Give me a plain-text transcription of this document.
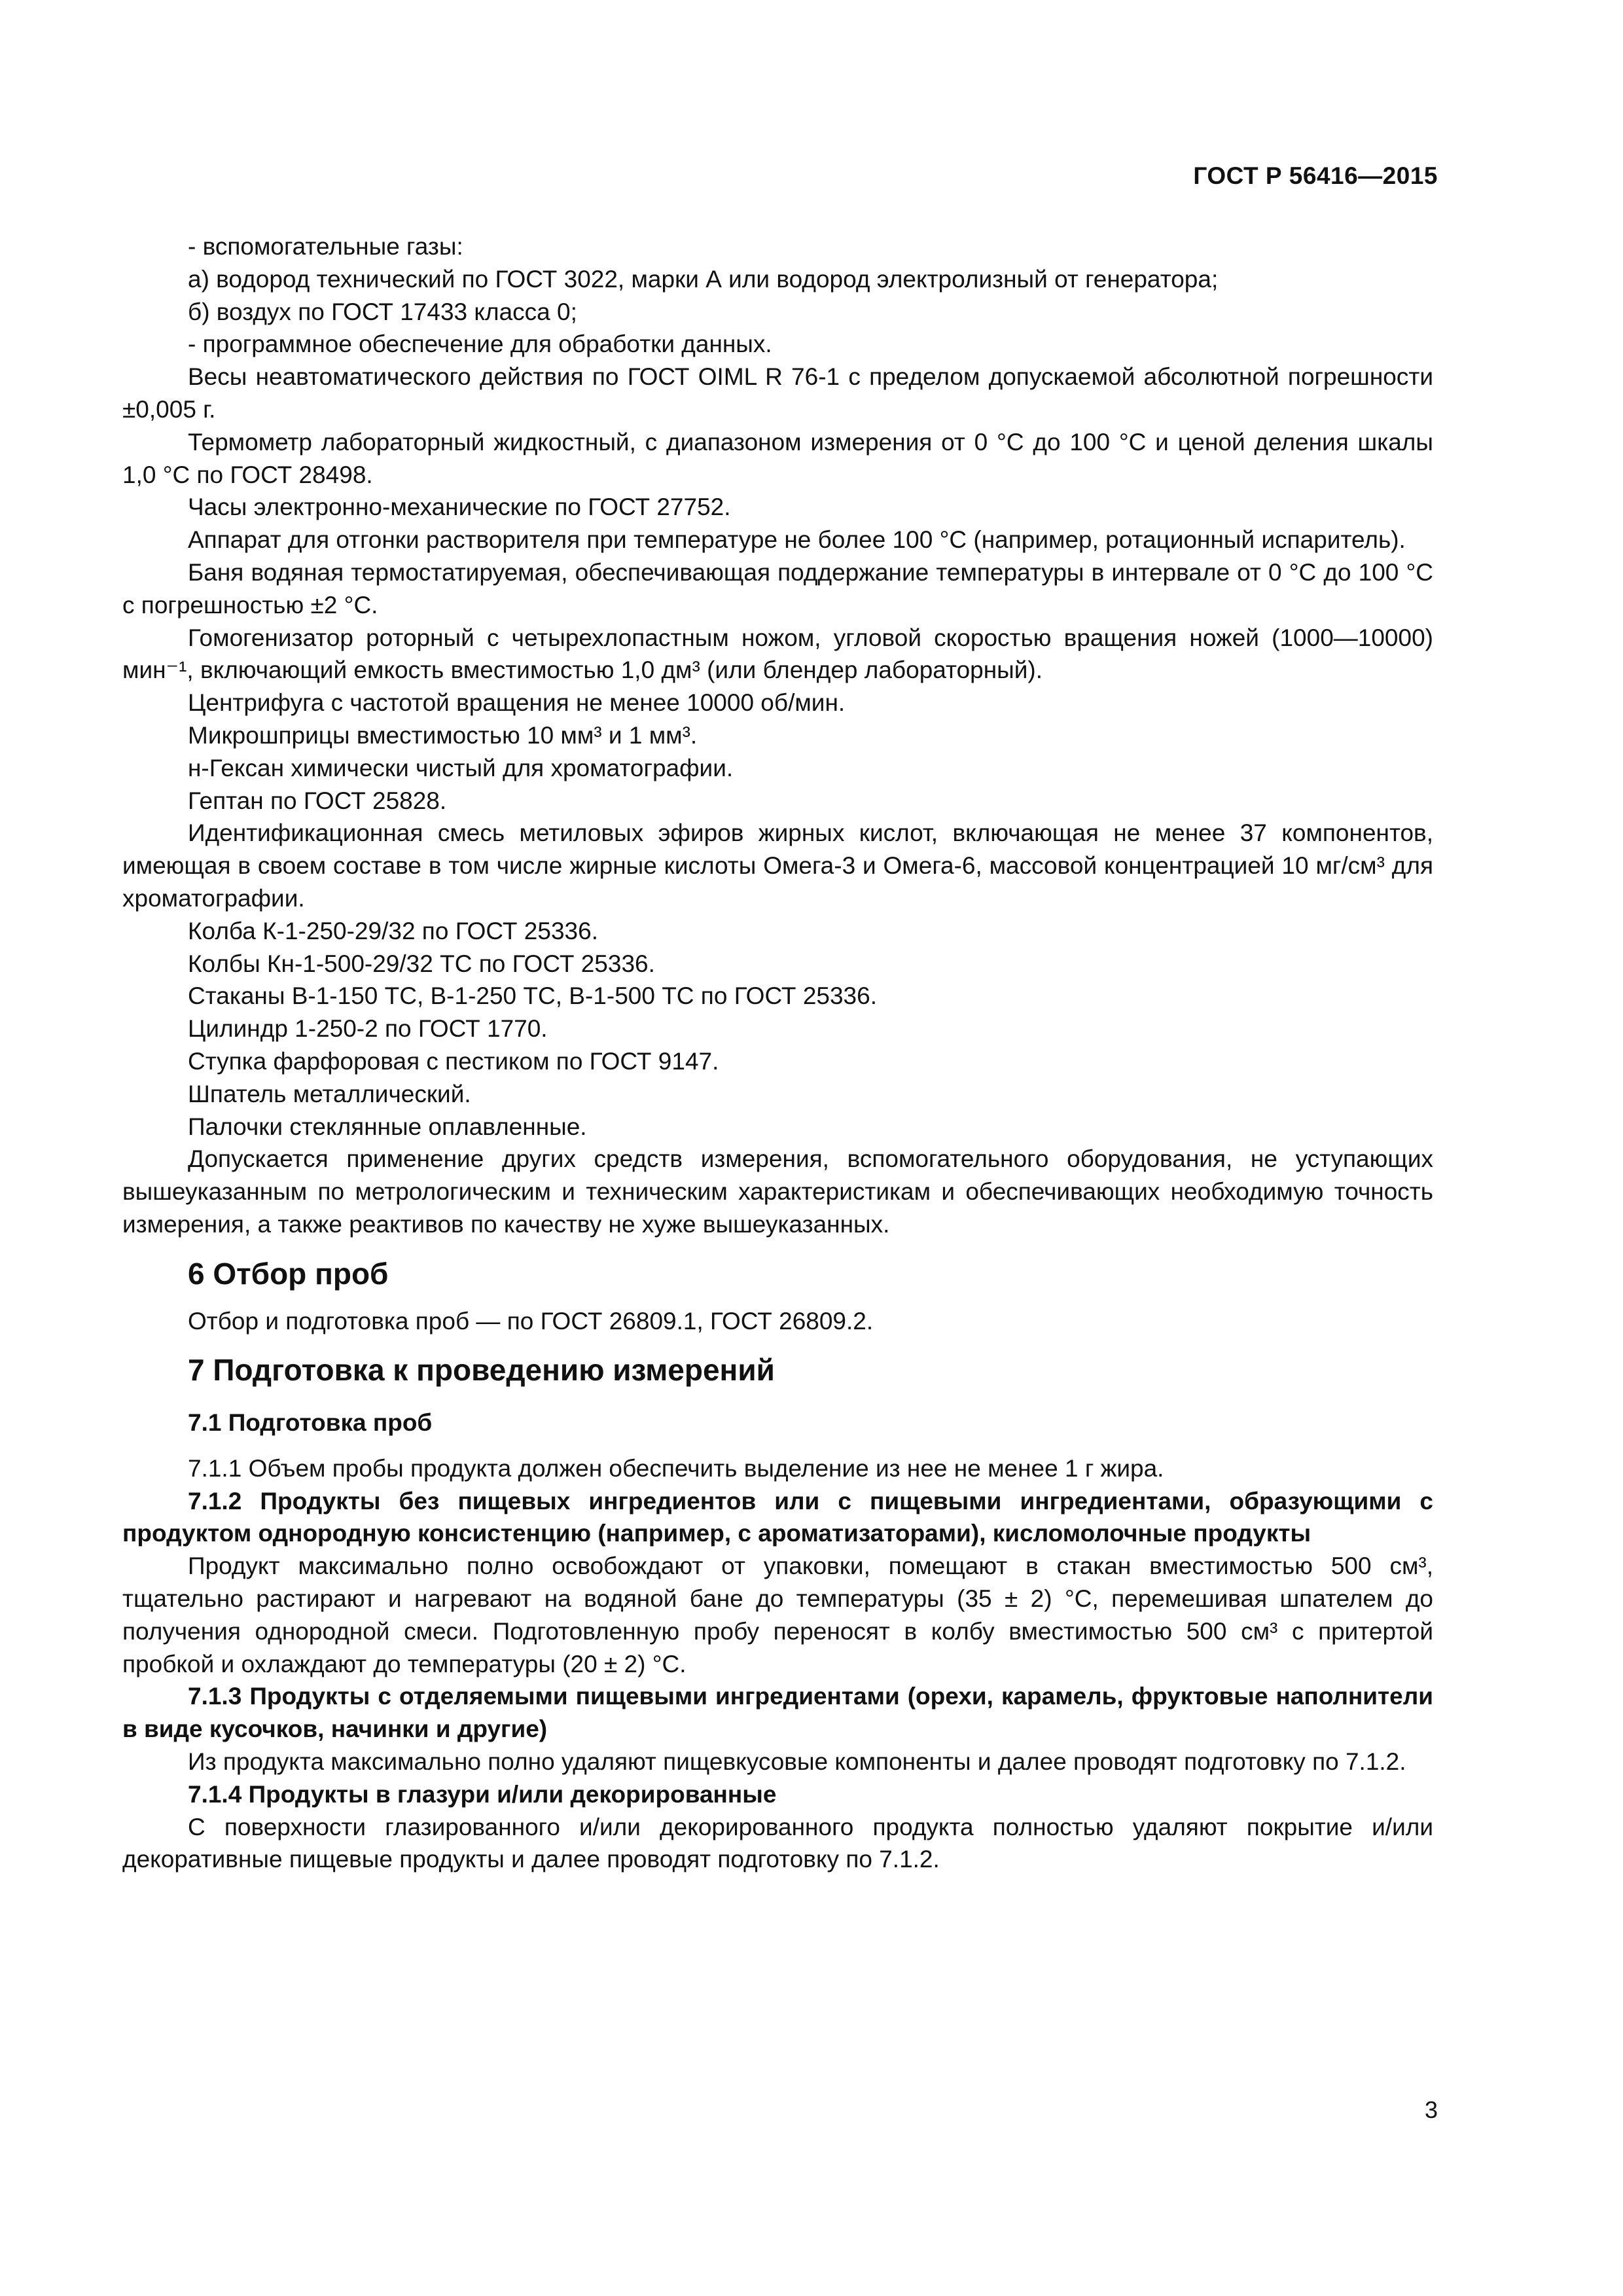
ГОСТ Р 56416—2015

- вспомогательные газы:

а) водород технический по ГОСТ 3022, марки А или водород электролизный от генератора;

б) воздух по ГОСТ 17433 класса 0;

- программное обеспечение для обработки данных.

Весы неавтоматического действия по ГОСТ OIML R 76-1 с пределом допускаемой абсолютной погрешности ±0,005 г.

Термометр лабораторный жидкостный, с диапазоном измерения от 0 °С до 100 °С и ценой деления шкалы 1,0 °С по ГОСТ 28498.

Часы электронно-механические по ГОСТ 27752.

Аппарат для отгонки растворителя при температуре не более 100 °С (например, ротационный испаритель).

Баня водяная термостатируемая, обеспечивающая поддержание температуры в интервале от 0 °С до 100 °С с погрешностью ±2 °С.

Гомогенизатор роторный с четырехлопастным ножом, угловой скоростью вращения ножей (1000—10000) мин⁻¹, включающий емкость вместимостью 1,0 дм³ (или блендер лабораторный).

Центрифуга с частотой вращения не менее 10000 об/мин.

Микрошприцы вместимостью 10 мм³ и 1 мм³.

н-Гексан химически чистый для хроматографии.

Гептан по ГОСТ 25828.

Идентификационная смесь метиловых эфиров жирных кислот, включающая не менее 37 компонентов, имеющая в своем составе в том числе жирные кислоты Омега-3 и Омега-6, массовой концентрацией 10 мг/см³ для хроматографии.

Колба К-1-250-29/32 по ГОСТ 25336.

Колбы Кн-1-500-29/32 ТС по ГОСТ 25336.

Стаканы В-1-150 ТС, В-1-250 ТС, В-1-500 ТС по ГОСТ 25336.

Цилиндр 1-250-2 по ГОСТ 1770.

Ступка фарфоровая с пестиком по ГОСТ 9147.

Шпатель металлический.

Палочки стеклянные оплавленные.

Допускается применение других средств измерения, вспомогательного оборудования, не уступающих вышеуказанным по метрологическим и техническим характеристикам и обеспечивающих необходимую точность измерения, а также реактивов по качеству не хуже вышеуказанных.

6 Отбор проб

Отбор и подготовка проб — по ГОСТ 26809.1, ГОСТ 26809.2.

7 Подготовка к проведению измерений

7.1 Подготовка проб

7.1.1 Объем пробы продукта должен обеспечить выделение из нее не менее 1 г жира.

7.1.2 Продукты без пищевых ингредиентов или с пищевыми ингредиентами, образующими с продуктом однородную консистенцию (например, с ароматизаторами), кисломолочные продукты

Продукт максимально полно освобождают от упаковки, помещают в стакан вместимостью 500 см³, тщательно растирают и нагревают на водяной бане до температуры (35 ± 2) °С, перемешивая шпателем до получения однородной смеси. Подготовленную пробу переносят в колбу вместимостью 500 см³ с притертой пробкой и охлаждают до температуры (20 ± 2) °С.

7.1.3 Продукты с отделяемыми пищевыми ингредиентами (орехи, карамель, фруктовые наполнители в виде кусочков, начинки и другие)

Из продукта максимально полно удаляют пищевкусовые компоненты и далее проводят подготовку по 7.1.2.

7.1.4 Продукты в глазури и/или декорированные

С поверхности глазированного и/или декорированного продукта полностью удаляют покрытие и/или декоративные пищевые продукты и далее проводят подготовку по 7.1.2.

3
